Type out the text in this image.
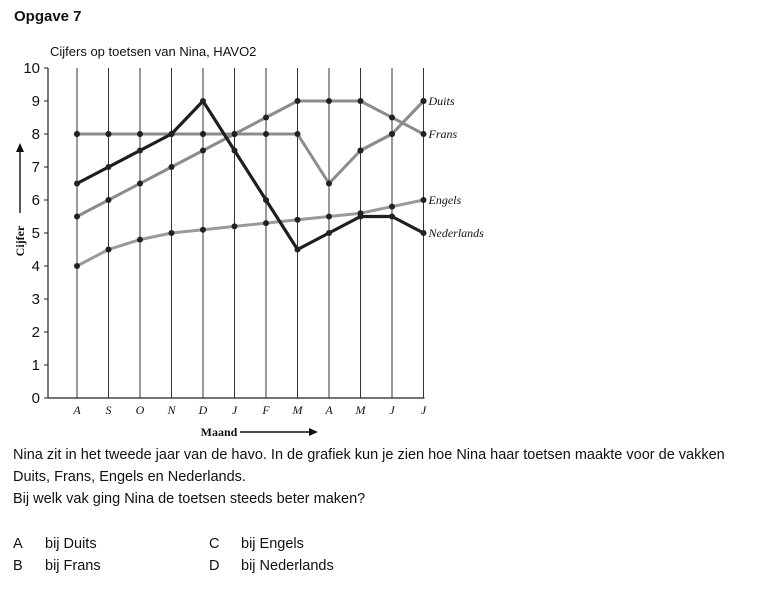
Opgave 7
Cijfers op toetsen van Nina, HAVO2
A S O N D J F M A M J J
0
1
2
3
4
5
6
7
8
9
10
Maand
Cijfer
Duits
Frans
Engels
Nederlands

Nina zit in het tweede jaar van de havo. In de grafiek kun je zien hoe Nina haar toetsen maakte voor de vakken Duits, Frans, Engels en Nederlands.

Bij welk vak ging Nina de toetsen steeds beter maken?

A bij Duits
B bij Frans
C bij Engels
D bij Nederlands
